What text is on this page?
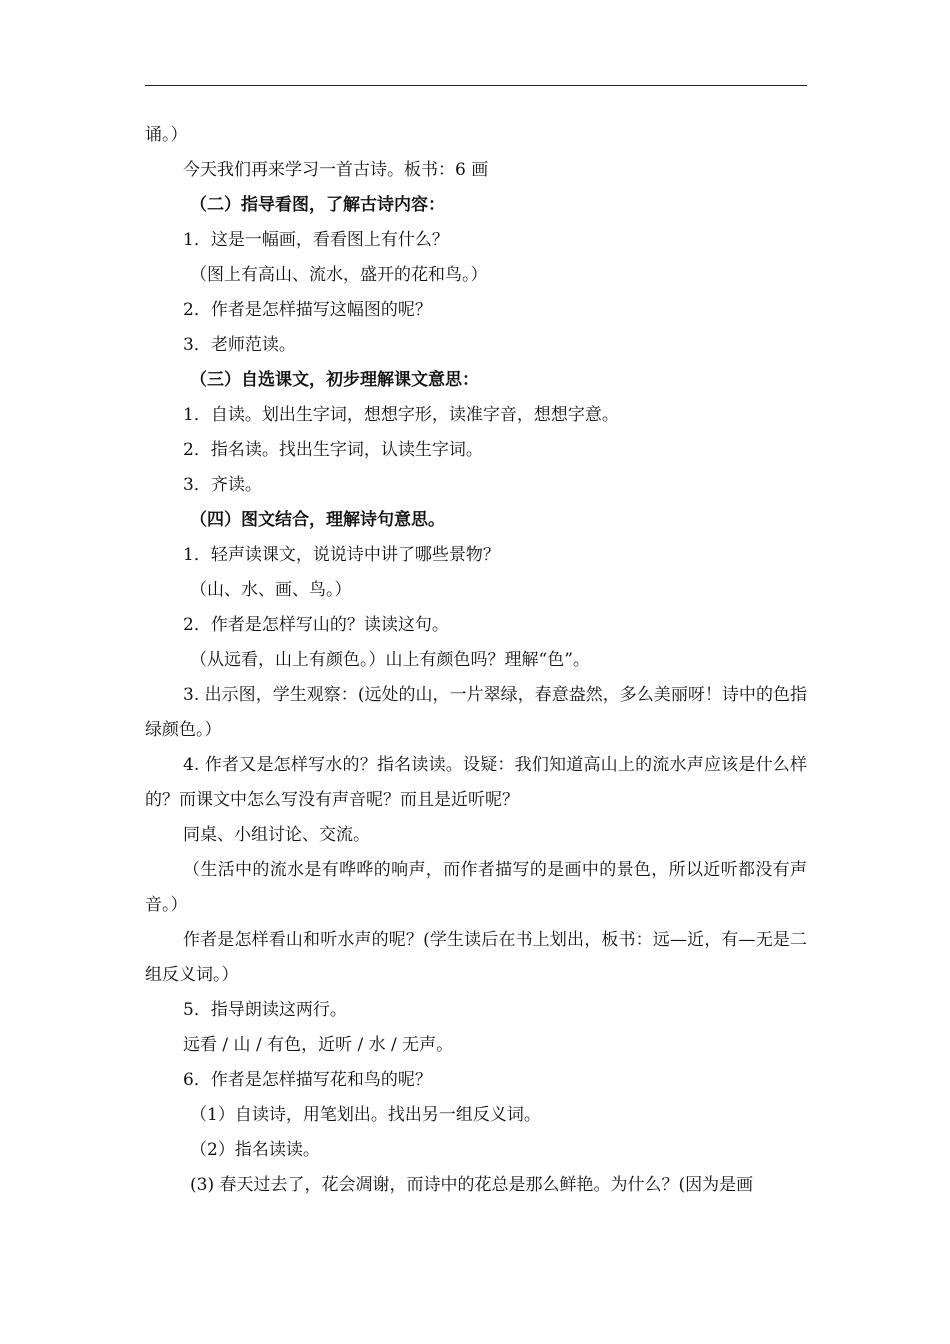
诵。）

今天我们再来学习一首古诗。板书：6 画

（二）指导看图，了解古诗内容：

1．这是一幅画，看看图上有什么？

（图上有高山、流水，盛开的花和鸟。）

2．作者是怎样描写这幅图的呢？

3．老师范读。

（三）自选课文，初步理解课文意思：

1．自读。划出生字词，想想字形，读准字音，想想字意。

2．指名读。找出生字词，认读生字词。

3．齐读。

（四）图文结合，理解诗句意思。

1．轻声读课文，说说诗中讲了哪些景物？

（山、水、画、鸟。）

2．作者是怎样写山的？读读这句。

（从远看，山上有颜色。）山上有颜色吗？理解“色”。

3. 出示图，学生观察：(远处的山，一片翠绿，春意盎然，多么美丽呀！诗中的色指绿颜色。）

4. 作者又是怎样写水的？指名读读。设疑：我们知道高山上的流水声应该是什么样的？而课文中怎么写没有声音呢？而且是近听呢？

同桌、小组讨论、交流。

（生活中的流水是有哗哗的响声，而作者描写的是画中的景色，所以近听都没有声音。）

作者是怎样看山和听水声的呢？(学生读后在书上划出，板书：远—近，有—无是二组反义词。）

5．指导朗读这两行。

远看 / 山 / 有色，近听 / 水 / 无声。

6．作者是怎样描写花和鸟的呢？

（1）自读诗，用笔划出。找出另一组反义词。

（2）指名读读。

(3) 春天过去了，花会凋谢，而诗中的花总是那么鲜艳。为什么？(因为是画
